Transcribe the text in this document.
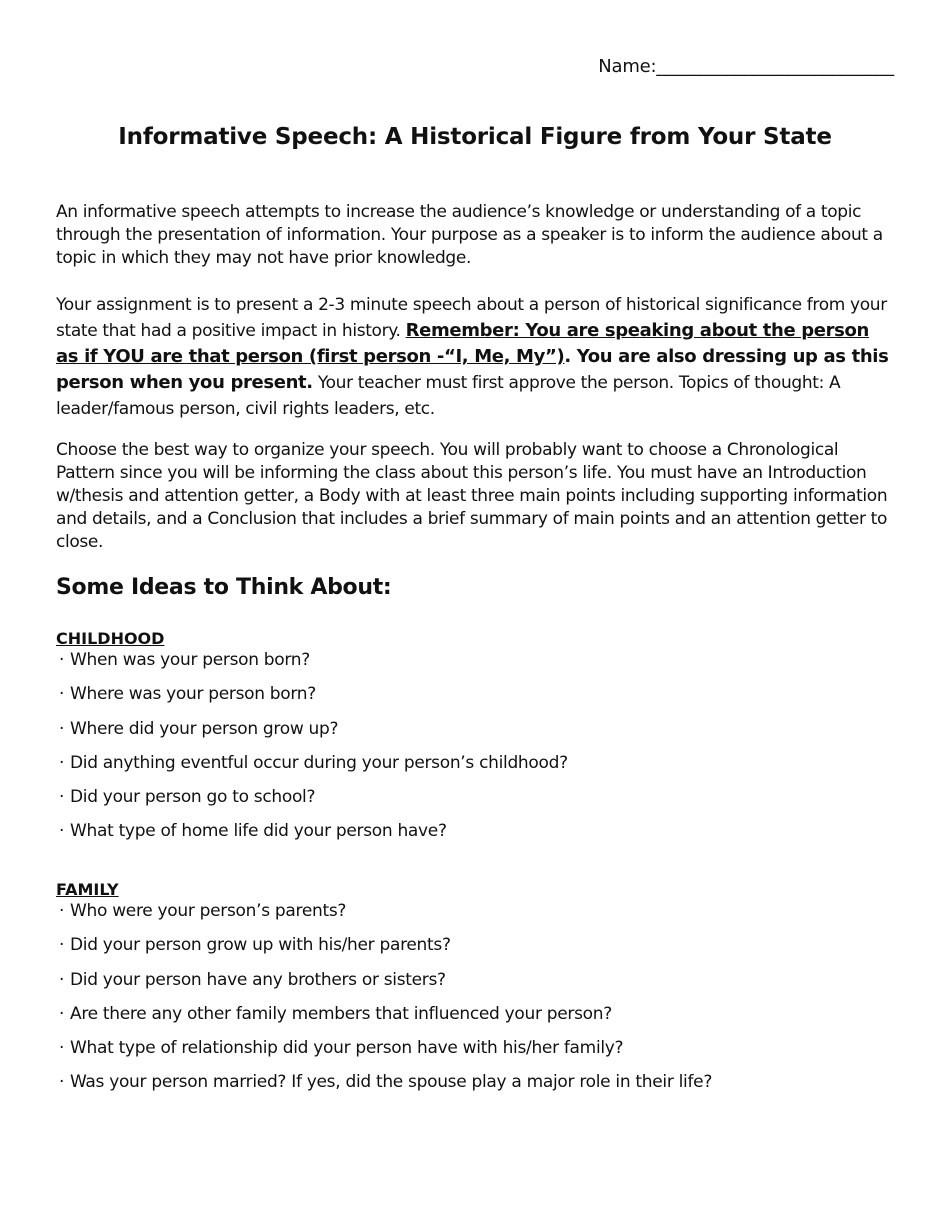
Name:___________________________
Informative Speech: A Historical Figure from Your State

An informative speech attempts to increase the audience’s knowledge or understanding of a topic through the presentation of information. Your purpose as a speaker is to inform the audience about a topic in which they may not have prior knowledge.

Your assignment is to present a 2-3 minute speech about a person of historical significance from your state that had a positive impact in history. Remember: You are speaking about the person as if YOU are that person (first person -“I, Me, My”). You are also dressing up as this person when you present. Your teacher must first approve the person. Topics of thought: A leader/famous person, civil rights leaders, etc.

Choose the best way to organize your speech. You will probably want to choose a Chronological Pattern since you will be informing the class about this person’s life. You must have an Introduction w/thesis and attention getter, a Body with at least three main points including supporting information and details, and a Conclusion that includes a brief summary of main points and an attention getter to close.

Some Ideas to Think About:
CHILDHOOD
· When was your person born?
· Where was your person born?
· Where did your person grow up?
· Did anything eventful occur during your person’s childhood?
· Did your person go to school?
· What type of home life did your person have?
FAMILY
· Who were your person’s parents?
· Did your person grow up with his/her parents?
· Did your person have any brothers or sisters?
· Are there any other family members that influenced your person?
· What type of relationship did your person have with his/her family?
· Was your person married? If yes, did the spouse play a major role in their life?
